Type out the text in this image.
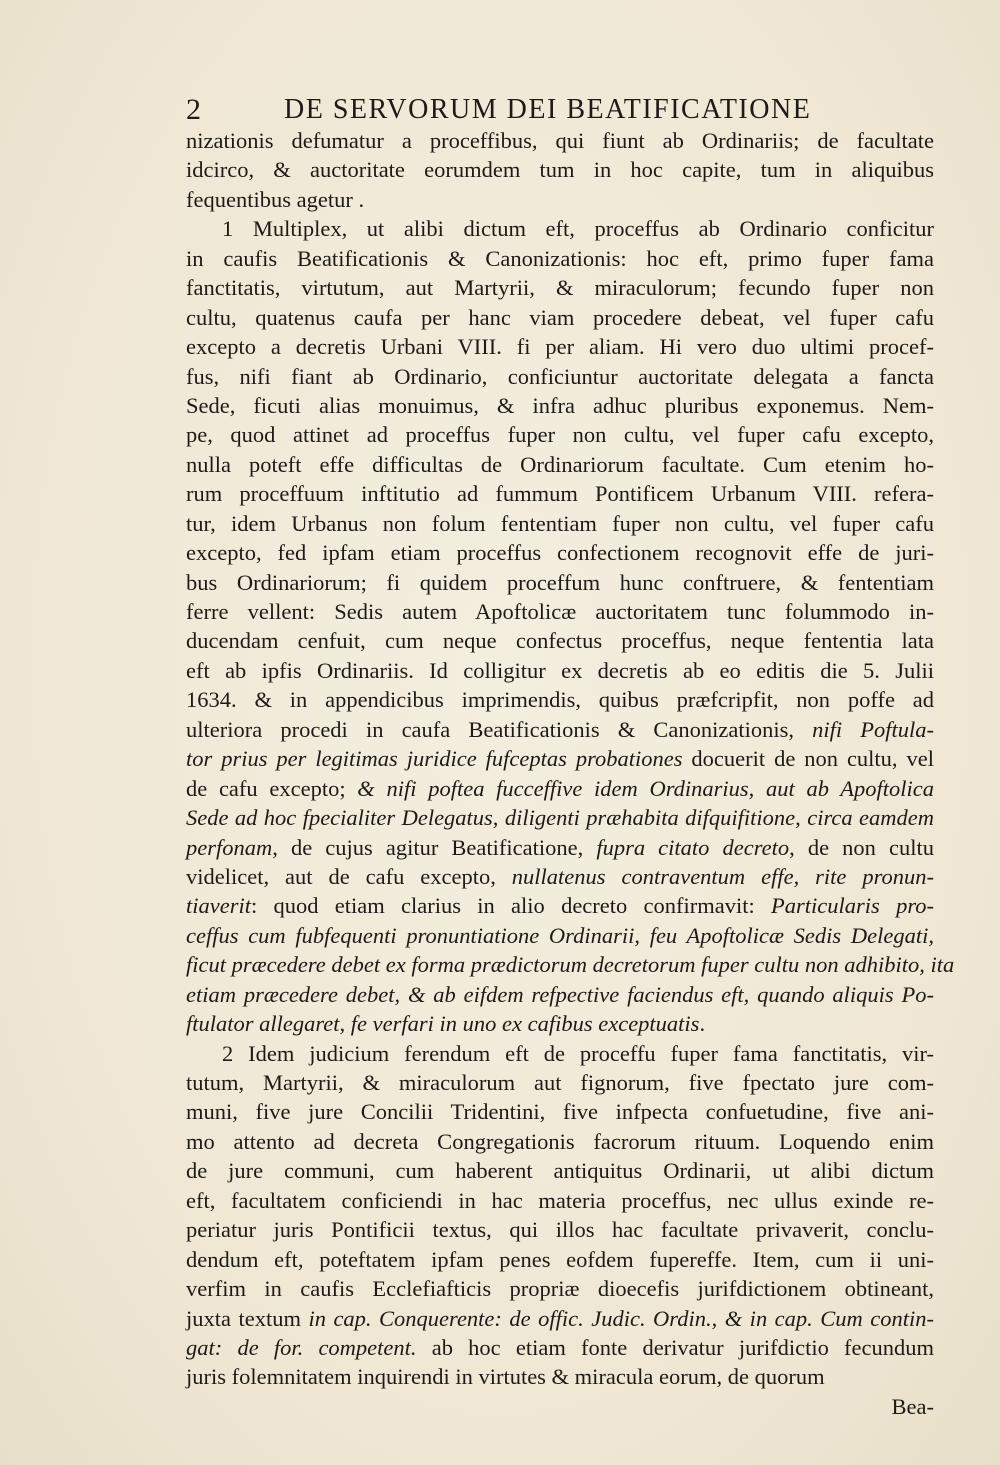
2	DE SERVORUM DEI BEATIFICATIONE
nizationis defumatur a proceffibus, qui fiunt ab Ordinariis; de facultate
idcirco, & auctoritate eorumdem tum in hoc capite, tum in aliquibus
fequentibus agetur .
1 Multiplex, ut alibi dictum eft, proceffus ab Ordinario conficitur
in caufis Beatificationis & Canonizationis: hoc eft, primo fuper fama
fanctitatis, virtutum, aut Martyrii, & miraculorum; fecundo fuper non
cultu, quatenus caufa per hanc viam procedere debeat, vel fuper cafu
excepto a decretis Urbani VIII. fi per aliam. Hi vero duo ultimi procef-
fus, nifi fiant ab Ordinario, conficiuntur auctoritate delegata a fancta
Sede, ficuti alias monuimus, & infra adhuc pluribus exponemus. Nem-
pe, quod attinet ad proceffus fuper non cultu, vel fuper cafu excepto,
nulla poteft effe difficultas de Ordinariorum facultate. Cum etenim ho-
rum proceffuum inftitutio ad fummum Pontificem Urbanum VIII. refera-
tur, idem Urbanus non folum fententiam fuper non cultu, vel fuper cafu
excepto, fed ipfam etiam proceffus confectionem recognovit effe de juri-
bus Ordinariorum; fi quidem proceffum hunc conftruere, & fententiam
ferre vellent: Sedis autem Apoftolicæ auctoritatem tunc folummodo in-
ducendam cenfuit, cum neque confectus proceffus, neque fententia lata
eft ab ipfis Ordinariis. Id colligitur ex decretis ab eo editis die 5. Julii
1634. & in appendicibus imprimendis, quibus præfcripfit, non poffe ad
ulteriora procedi in caufa Beatificationis & Canonizationis, nifi Poftula-
tor prius per legitimas juridice fufceptas probationes docuerit de non cultu, vel
de cafu excepto; & nifi poftea fucceffive idem Ordinarius, aut ab Apoftolica
Sede ad hoc fpecialiter Delegatus, diligenti præhabita difquifitione, circa eamdem
perfonam, de cujus agitur Beatificatione, fupra citato decreto, de non cultu
videlicet, aut de cafu excepto, nullatenus contraventum effe, rite pronun-
tiaverit: quod etiam clarius in alio decreto confirmavit: Particularis pro-
ceffus cum fubfequenti pronuntiatione Ordinarii, feu Apoftolicæ Sedis Delegati,
ficut præcedere debet ex forma prædictorum decretorum fuper cultu non adhibito, ita
etiam præcedere debet, & ab eifdem refpective faciendus eft, quando aliquis Po-
ftulator allegaret, fe verfari in uno ex cafibus exceptuatis.
2 Idem judicium ferendum eft de proceffu fuper fama fanctitatis, vir-
tutum, Martyrii, & miraculorum aut fignorum, five fpectato jure com-
muni, five jure Concilii Tridentini, five infpecta confuetudine, five ani-
mo attento ad decreta Congregationis facrorum rituum. Loquendo enim
de jure communi, cum haberent antiquitus Ordinarii, ut alibi dictum
eft, facultatem conficiendi in hac materia proceffus, nec ullus exinde re-
periatur juris Pontificii textus, qui illos hac facultate privaverit, conclu-
dendum eft, poteftatem ipfam penes eofdem fupereffe. Item, cum ii uni-
verfim in caufis Ecclefiafticis propriæ dioecefis jurifdictionem obtineant,
juxta textum in cap. Conquerente: de offic. Judic. Ordin., & in cap. Cum contin-
gat: de for. competent. ab hoc etiam fonte derivatur jurifdictio fecundum
juris folemnitatem inquirendi in virtutes & miracula eorum, de quorum
Bea-
